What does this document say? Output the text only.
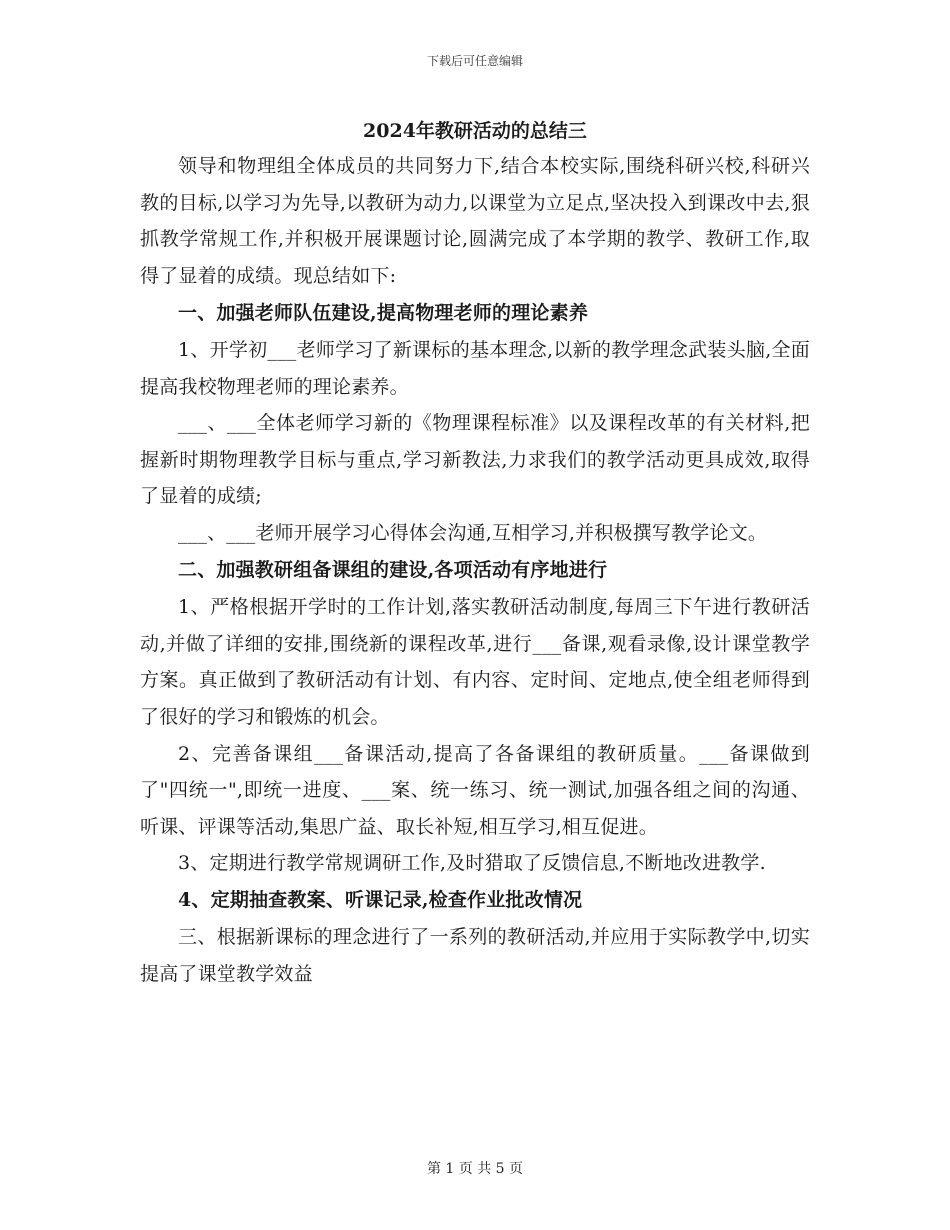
下载后可任意编辑
2024年教研活动的总结三

领导和物理组全体成员的共同努力下,结合本校实际,围绕科研兴校,科研兴教的目标,以学习为先导,以教研为动力,以课堂为立足点,坚决投入到课改中去,狠抓教学常规工作,并积极开展课题讨论,圆满完成了本学期的教学、教研工作,取得了显着的成绩。现总结如下:

一、加强老师队伍建设,提高物理老师的理论素养

1、开学初___老师学习了新课标的基本理念,以新的教学理念武装头脑,全面提高我校物理老师的理论素养。

___、___全体老师学习新的《物理课程标准》以及课程改革的有关材料,把握新时期物理教学目标与重点,学习新教法,力求我们的教学活动更具成效,取得了显着的成绩;

___、___老师开展学习心得体会沟通,互相学习,并积极撰写教学论文。

二、加强教研组备课组的建设,各项活动有序地进行

1、严格根据开学时的工作计划,落实教研活动制度,每周三下午进行教研活动,并做了详细的安排,围绕新的课程改革,进行___备课,观看录像,设计课堂教学方案。真正做到了教研活动有计划、有内容、定时间、定地点,使全组老师得到了很好的学习和锻炼的机会。

2、完善备课组___备课活动,提高了各备课组的教研质量。___备课做到了"四统一",即统一进度、___案、统一练习、统一测试,加强各组之间的沟通、听课、评课等活动,集思广益、取长补短,相互学习,相互促进。

3、定期进行教学常规调研工作,及时猎取了反馈信息,不断地改进教学.

4、定期抽查教案、听课记录,检查作业批改情况

三、根据新课标的理念进行了一系列的教研活动,并应用于实际教学中,切实提高了课堂教学效益

第 1 页 共 5 页
